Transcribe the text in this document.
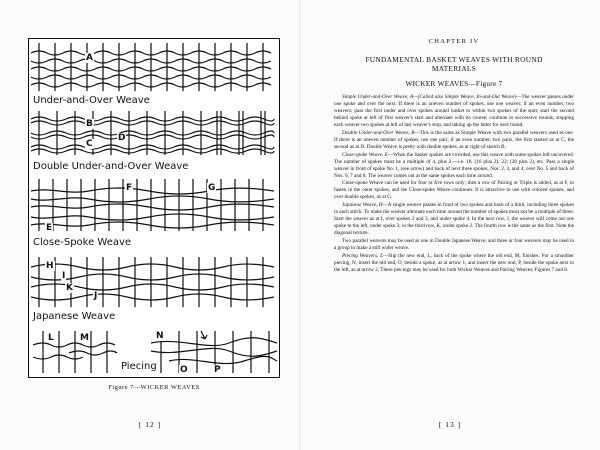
A
B
C
D
E
F	G
H
I
J
K
L	M	N
O	P
Under-and-Over Weave
Double Under-and-Over Weave
Close-Spoke Weave
Japanese Weave
Piecing
Figure 7—WICKER WEAVES
[ 12 ]
CHAPTER IV
FUNDAMENTAL BASKET WEAVES WITH ROUND
MATERIALS
WICKER WEAVES—Figure 7

Simple Under-and-Over Weave, A—(Called also Simple Weave, In-and-Out Weave)—The weaver passes under one spoke and over the next. If there is an uneven number of spokes, use one weaver; if an even number, two weavers: pass the first under and over spokes around basket to within two spokes of the start; start the second behind spoke at left of first weaver's start and alternate with its course; continue in successive rounds, stopping each weaver two spokes at left of last weaver's stop, and taking up the latter for next round.

Double Under-and-Over Weave, B—This is the same as Simple Weave with two parallel weavers used as one. If there is an uneven number of spokes, use one pair; if an even number, two pairs, the first started as at C, the second as at D. Double Weave is pretty with double spokes, as at right of sketch B.

Close-spoke Weave, E—When the basket spokes are crowded, use this weave with some spokes left uncovered. The number of spokes must be a multiple of 4, plus 2,—i.e. 18, (16 plus 2); 22; (20 plus 2), etc. Pass a single weaver in front of spoke No. 1, (see arrow) and back of next three spokes, Nos. 2, 3, and 4; over No. 5 and back of Nos. 6, 7 and 8. The weaver comes out at the same spokes each time around.

Close-spoke Weave can be used for four or five rows only; then a row of Pairing or Triple is added, as at F, to fasten in the outer spokes, and the Close-spoke Weave continues. It is attractive to use with colored spokes, and over double spokes, as at G.

Japanese Weave, H—A single weaver passes in front of two spokes and back of a third, including three spokes in each stitch. To make the weaver alternate each time around the number of spokes must not be a multiple of three. Start the weaver as at I, over spokes 2 and 3, and under spoke 4. In the next row, J, the weaver will come out one spoke to the left, under spoke 3; in the third row, K, under spoke 2. The fourth row is the same as the first. Note the diagonal texture.

Two parallel weavers may be used as one in Double Japanese Weave; and three or four weavers may be used in a group to make a still wider weave.

Piecing Weavers, L—Slip the new end, L, back of the spoke where the old end, M, finishes. For a smoother piecing, N, insert the old end, O, beside a spoke, as at arrow 1; and insert the new end, P, beside the spoke next to the left, as at arrow 2. These piecings may be used for both Wicker Weaves and Pairing Weaves, Figures 7 and 8.

[ 13 ]
